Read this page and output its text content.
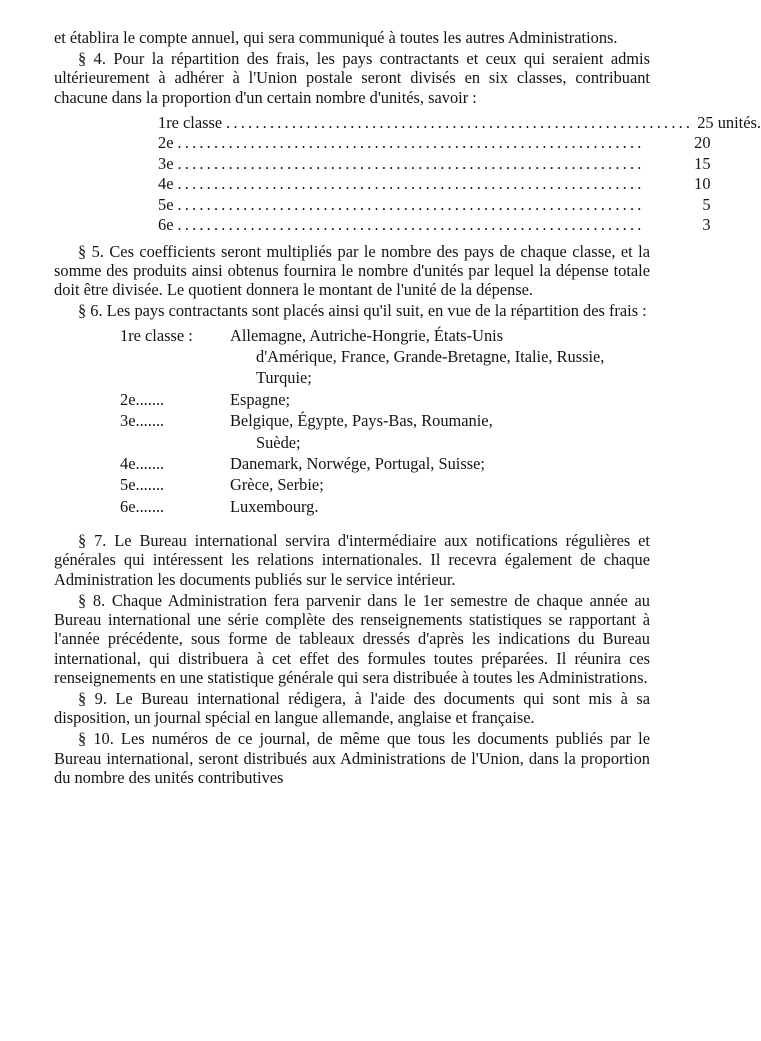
et établira le compte annuel, qui sera communiqué à toutes les autres Administrations.

§ 4. Pour la répartition des frais, les pays contractants et ceux qui seraient admis ultérieurement à adhérer à l'Union postale seront divisés en six classes, contribuant chacune dans la proportion d'un certain nombre d'unités, savoir :

1re classe ................................................................ 25 unités.
2e ................................................................	20
3e ................................................................	15
4e ................................................................	10
5e ................................................................	5
6e ................................................................	3

§ 5. Ces coefficients seront multipliés par le nombre des pays de chaque classe, et la somme des produits ainsi obtenus fournira le nombre d'unités par lequel la dépense totale doit être divisée. Le quotient donnera le montant de l'unité de la dépense.

§ 6. Les pays contractants sont placés ainsi qu'il suit, en vue de la répartition des frais :

1re classe :	Allemagne, Autriche-Hongrie, États-Unis
d'Amérique, France, Grande-Bretagne, Italie, Russie, Turquie;
2e.......	Espagne;
3e.......	Belgique, Égypte, Pays-Bas, Roumanie,
Suède;
4e.......	Danemark, Norwége, Portugal, Suisse;
5e.......	Grèce, Serbie;
6e.......	Luxembourg.

§ 7. Le Bureau international servira d'intermédiaire aux notifications régulières et générales qui intéressent les relations internationales. Il recevra également de chaque Administration les documents publiés sur le service intérieur.

§ 8. Chaque Administration fera parvenir dans le 1er semestre de chaque année au Bureau international une série complète des renseignements statistiques se rapportant à l'année précédente, sous forme de tableaux dressés d'après les indications du Bureau international, qui distribuera à cet effet des formules toutes préparées. Il réunira ces renseignements en une statistique générale qui sera distribuée à toutes les Administrations.

§ 9. Le Bureau international rédigera, à l'aide des documents qui sont mis à sa disposition, un journal spécial en langue allemande, anglaise et française.

§ 10. Les numéros de ce journal, de même que tous les documents publiés par le Bureau international, seront distribués aux Administrations de l'Union, dans la proportion du nombre des unités contributives
